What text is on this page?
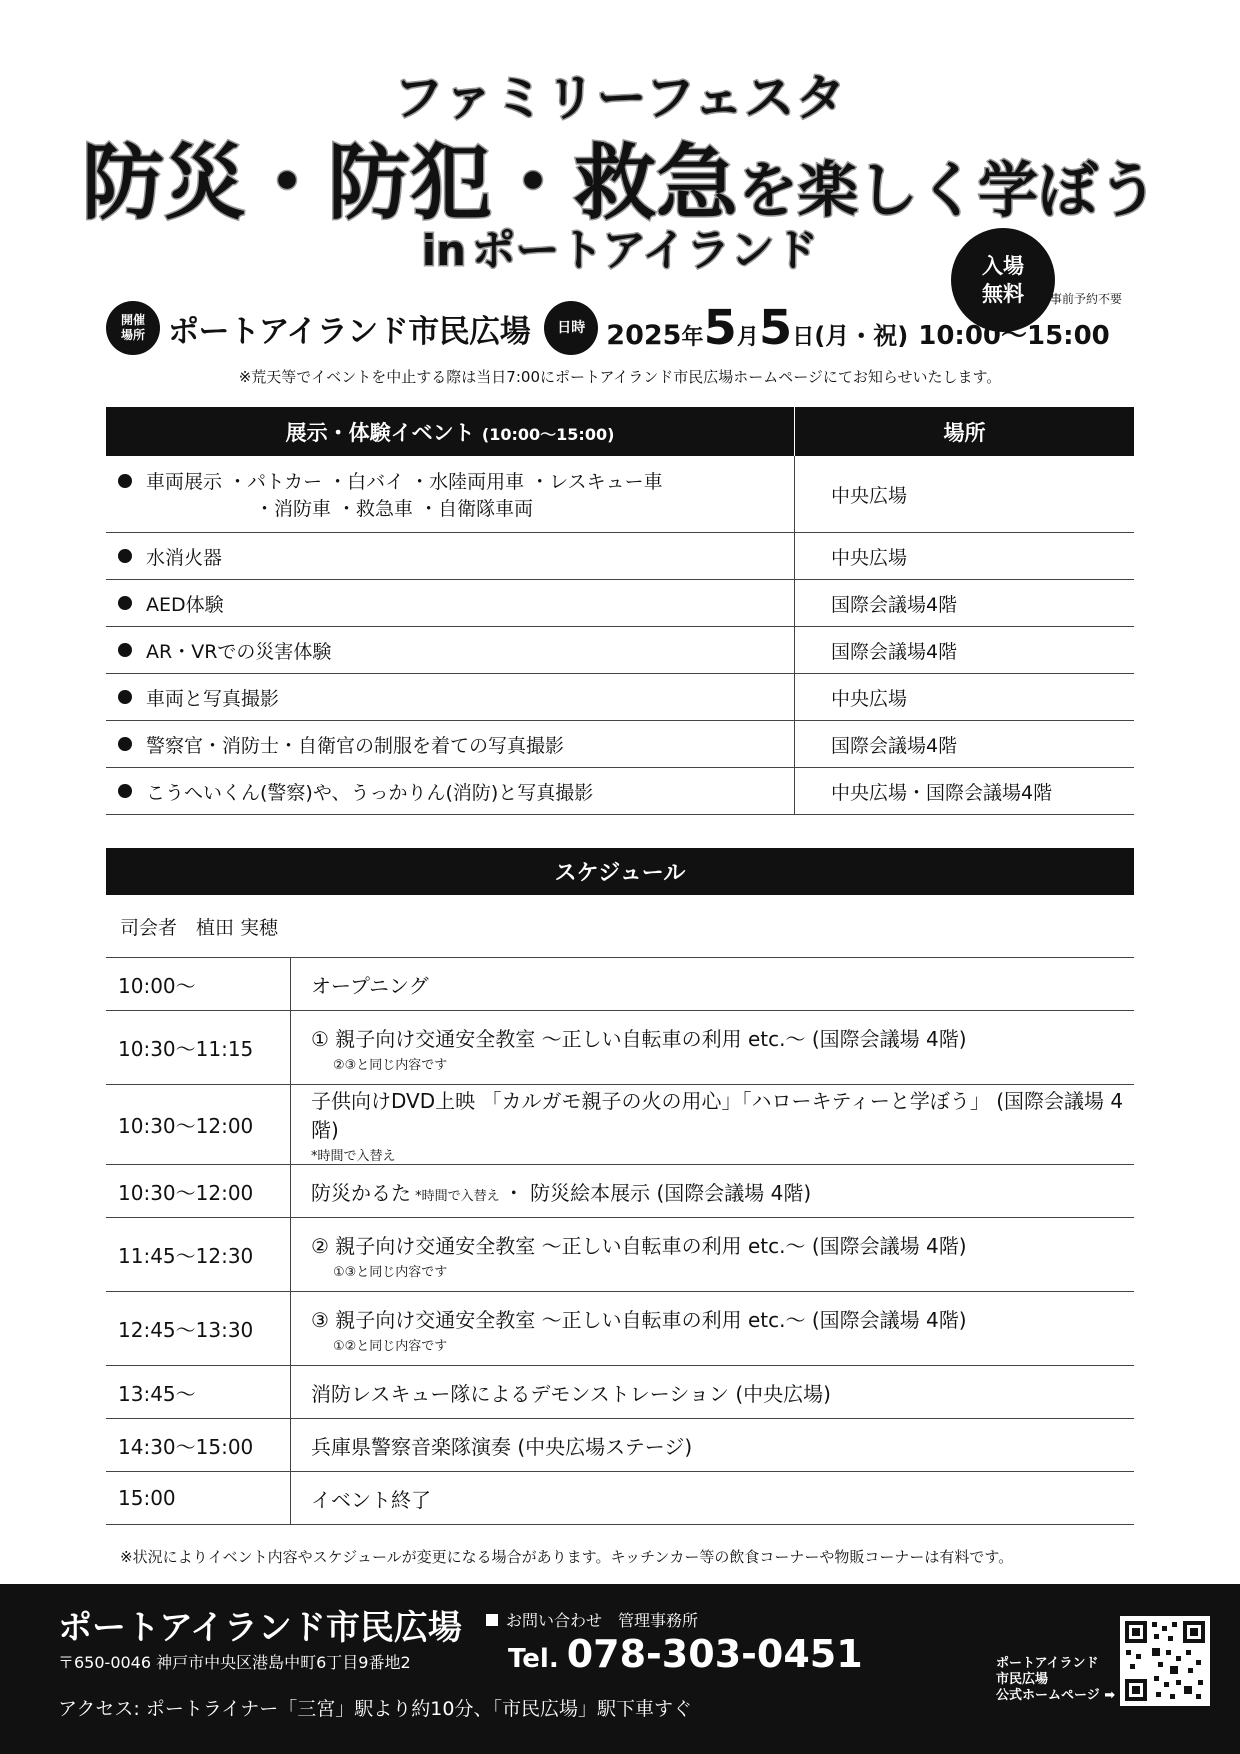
ファミリーフェスタ
防災・防犯・救急を楽しく学ぼう
in ポートアイランド	入場
無料 ※事前予約不要
開催
場所 ポートアイランド市民広場 日時 2025 年 5 月 5 日 (月・祝) 10:00〜15:00
※荒天等でイベントを中止する際は当日7:00にポートアイランド市民広場ホームページにてお知らせいたします。
展示・体験イベント (10:00〜15:00)	場所
車両展示 ・パトカー ・白バイ ・水陸両用車 ・レスキュー車
・消防車 ・救急車 ・自衛隊車両	中央広場
水消火器	中央広場
AED体験	国際会議場4階
AR・VRでの災害体験	国際会議場4階
車両と写真撮影	中央広場
警察官・消防士・自衛官の制服を着ての写真撮影	国際会議場4階
こうへいくん(警察)や、うっかりん(消防)と写真撮影	中央広場・国際会議場4階
スケジュール
司会者　植田 実穂
10:00〜	オープニング
10:30〜11:15	① 親子向け交通安全教室 〜正しい自転車の利用 etc.〜 (国際会議場 4階)
②③と同じ内容です

10:30〜12:00	子供向けDVD上映 「カルガモ親子の火の用心」「ハローキティーと学ぼう」 (国際会議場 4階)
*時間で入替え

10:30〜12:00	防災かるた *時間で入替え ・ 防災絵本展示 (国際会議場 4階)
11:45〜12:30	② 親子向け交通安全教室 〜正しい自転車の利用 etc.〜 (国際会議場 4階)
①③と同じ内容です

12:45〜13:30	③ 親子向け交通安全教室 〜正しい自転車の利用 etc.〜 (国際会議場 4階)
①②と同じ内容です

13:45〜	消防レスキュー隊によるデモンストレーション (中央広場)
14:30〜15:00	兵庫県警察音楽隊演奏 (中央広場ステージ)
15:00	イベント終了
※状況によりイベント内容やスケジュールが変更になる場合があります。キッチンカー等の飲食コーナーや物販コーナーは有料です。
ポートアイランド市民広場
〒650-0046 神戸市中央区港島中町6丁目9番地2
アクセス: ポートライナー「三宮」駅より約10分、「市民広場」駅下車すぐ
お問い合わせ　管理事務所
Tel. 078-303-0451	ポートアイランド
市民広場
公式ホームページ ➡
